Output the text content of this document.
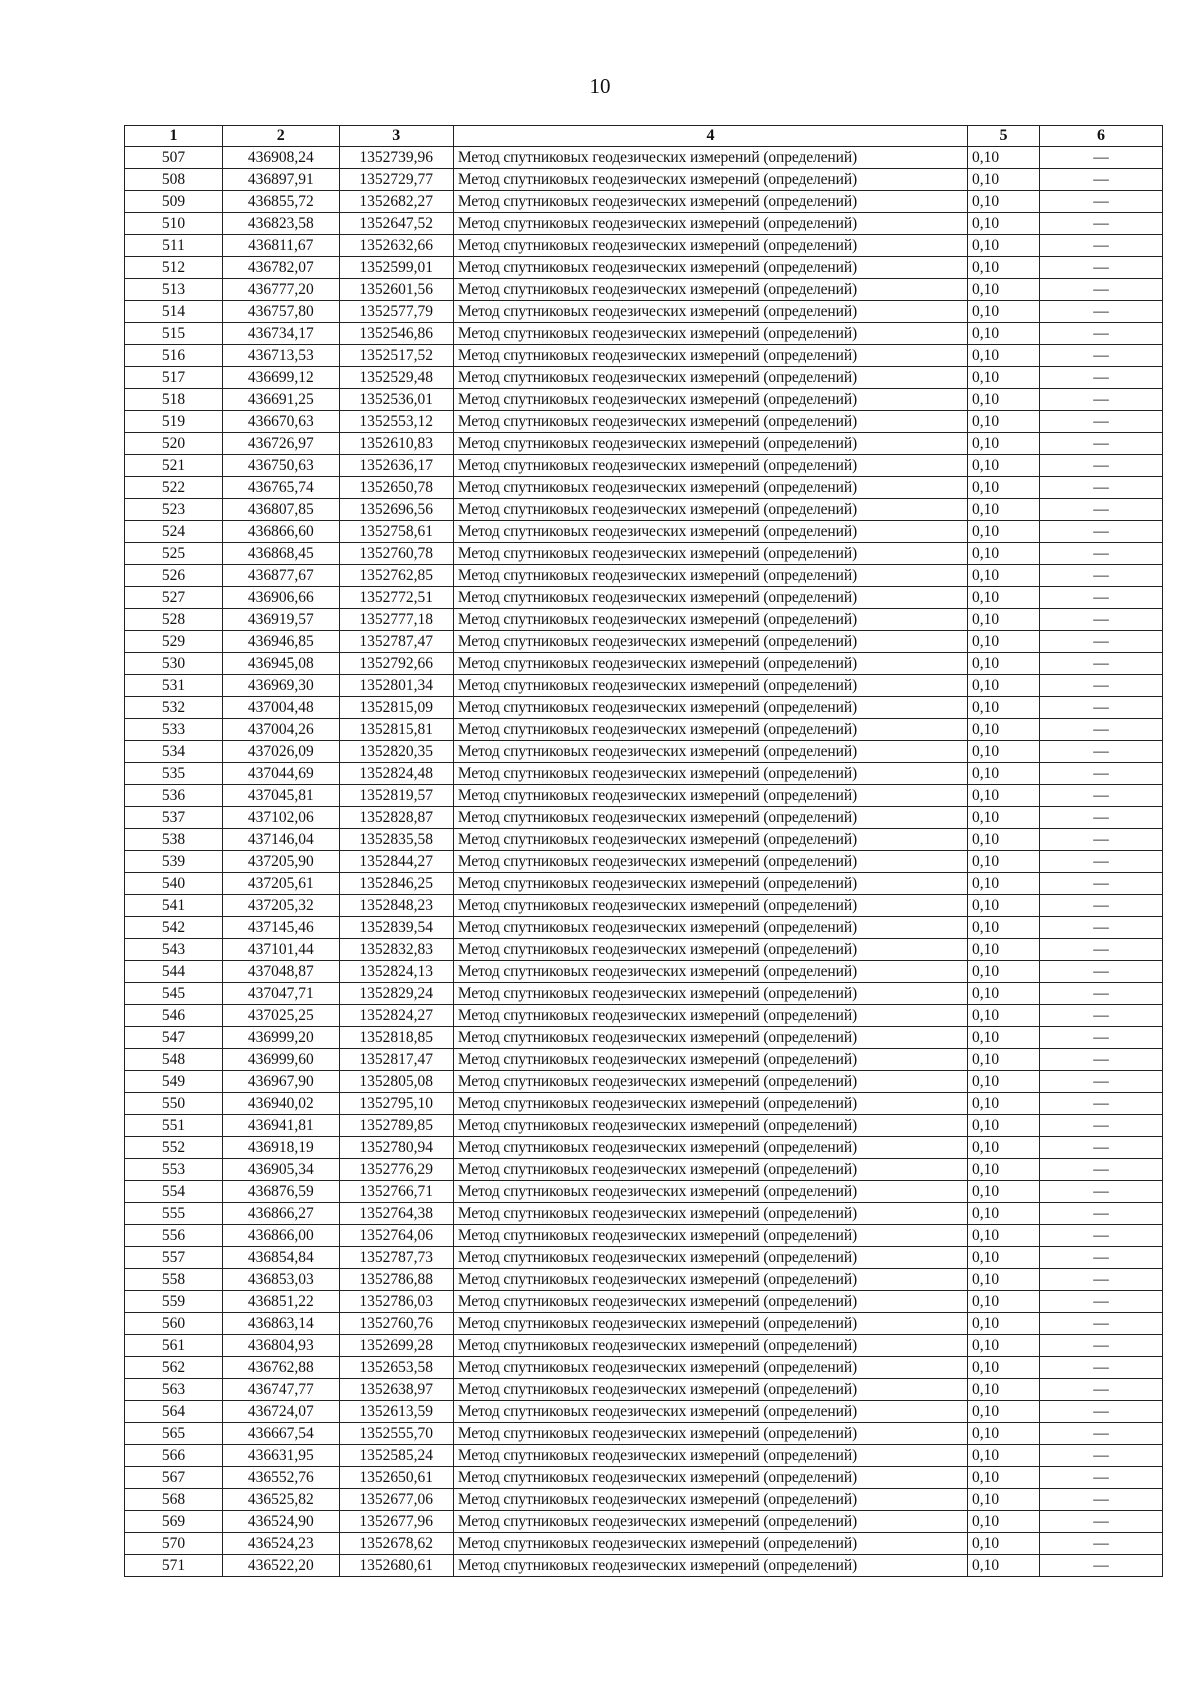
10
1	2	3	4	5	6
507	436908,24	1352739,96	Метод спутниковых геодезических измерений (определений)	0,10	—
508	436897,91	1352729,77	Метод спутниковых геодезических измерений (определений)	0,10	—
509	436855,72	1352682,27	Метод спутниковых геодезических измерений (определений)	0,10	—
510	436823,58	1352647,52	Метод спутниковых геодезических измерений (определений)	0,10	—
511	436811,67	1352632,66	Метод спутниковых геодезических измерений (определений)	0,10	—
512	436782,07	1352599,01	Метод спутниковых геодезических измерений (определений)	0,10	—
513	436777,20	1352601,56	Метод спутниковых геодезических измерений (определений)	0,10	—
514	436757,80	1352577,79	Метод спутниковых геодезических измерений (определений)	0,10	—
515	436734,17	1352546,86	Метод спутниковых геодезических измерений (определений)	0,10	—
516	436713,53	1352517,52	Метод спутниковых геодезических измерений (определений)	0,10	—
517	436699,12	1352529,48	Метод спутниковых геодезических измерений (определений)	0,10	—
518	436691,25	1352536,01	Метод спутниковых геодезических измерений (определений)	0,10	—
519	436670,63	1352553,12	Метод спутниковых геодезических измерений (определений)	0,10	—
520	436726,97	1352610,83	Метод спутниковых геодезических измерений (определений)	0,10	—
521	436750,63	1352636,17	Метод спутниковых геодезических измерений (определений)	0,10	—
522	436765,74	1352650,78	Метод спутниковых геодезических измерений (определений)	0,10	—
523	436807,85	1352696,56	Метод спутниковых геодезических измерений (определений)	0,10	—
524	436866,60	1352758,61	Метод спутниковых геодезических измерений (определений)	0,10	—
525	436868,45	1352760,78	Метод спутниковых геодезических измерений (определений)	0,10	—
526	436877,67	1352762,85	Метод спутниковых геодезических измерений (определений)	0,10	—
527	436906,66	1352772,51	Метод спутниковых геодезических измерений (определений)	0,10	—
528	436919,57	1352777,18	Метод спутниковых геодезических измерений (определений)	0,10	—
529	436946,85	1352787,47	Метод спутниковых геодезических измерений (определений)	0,10	—
530	436945,08	1352792,66	Метод спутниковых геодезических измерений (определений)	0,10	—
531	436969,30	1352801,34	Метод спутниковых геодезических измерений (определений)	0,10	—
532	437004,48	1352815,09	Метод спутниковых геодезических измерений (определений)	0,10	—
533	437004,26	1352815,81	Метод спутниковых геодезических измерений (определений)	0,10	—
534	437026,09	1352820,35	Метод спутниковых геодезических измерений (определений)	0,10	—
535	437044,69	1352824,48	Метод спутниковых геодезических измерений (определений)	0,10	—
536	437045,81	1352819,57	Метод спутниковых геодезических измерений (определений)	0,10	—
537	437102,06	1352828,87	Метод спутниковых геодезических измерений (определений)	0,10	—
538	437146,04	1352835,58	Метод спутниковых геодезических измерений (определений)	0,10	—
539	437205,90	1352844,27	Метод спутниковых геодезических измерений (определений)	0,10	—
540	437205,61	1352846,25	Метод спутниковых геодезических измерений (определений)	0,10	—
541	437205,32	1352848,23	Метод спутниковых геодезических измерений (определений)	0,10	—
542	437145,46	1352839,54	Метод спутниковых геодезических измерений (определений)	0,10	—
543	437101,44	1352832,83	Метод спутниковых геодезических измерений (определений)	0,10	—
544	437048,87	1352824,13	Метод спутниковых геодезических измерений (определений)	0,10	—
545	437047,71	1352829,24	Метод спутниковых геодезических измерений (определений)	0,10	—
546	437025,25	1352824,27	Метод спутниковых геодезических измерений (определений)	0,10	—
547	436999,20	1352818,85	Метод спутниковых геодезических измерений (определений)	0,10	—
548	436999,60	1352817,47	Метод спутниковых геодезических измерений (определений)	0,10	—
549	436967,90	1352805,08	Метод спутниковых геодезических измерений (определений)	0,10	—
550	436940,02	1352795,10	Метод спутниковых геодезических измерений (определений)	0,10	—
551	436941,81	1352789,85	Метод спутниковых геодезических измерений (определений)	0,10	—
552	436918,19	1352780,94	Метод спутниковых геодезических измерений (определений)	0,10	—
553	436905,34	1352776,29	Метод спутниковых геодезических измерений (определений)	0,10	—
554	436876,59	1352766,71	Метод спутниковых геодезических измерений (определений)	0,10	—
555	436866,27	1352764,38	Метод спутниковых геодезических измерений (определений)	0,10	—
556	436866,00	1352764,06	Метод спутниковых геодезических измерений (определений)	0,10	—
557	436854,84	1352787,73	Метод спутниковых геодезических измерений (определений)	0,10	—
558	436853,03	1352786,88	Метод спутниковых геодезических измерений (определений)	0,10	—
559	436851,22	1352786,03	Метод спутниковых геодезических измерений (определений)	0,10	—
560	436863,14	1352760,76	Метод спутниковых геодезических измерений (определений)	0,10	—
561	436804,93	1352699,28	Метод спутниковых геодезических измерений (определений)	0,10	—
562	436762,88	1352653,58	Метод спутниковых геодезических измерений (определений)	0,10	—
563	436747,77	1352638,97	Метод спутниковых геодезических измерений (определений)	0,10	—
564	436724,07	1352613,59	Метод спутниковых геодезических измерений (определений)	0,10	—
565	436667,54	1352555,70	Метод спутниковых геодезических измерений (определений)	0,10	—
566	436631,95	1352585,24	Метод спутниковых геодезических измерений (определений)	0,10	—
567	436552,76	1352650,61	Метод спутниковых геодезических измерений (определений)	0,10	—
568	436525,82	1352677,06	Метод спутниковых геодезических измерений (определений)	0,10	—
569	436524,90	1352677,96	Метод спутниковых геодезических измерений (определений)	0,10	—
570	436524,23	1352678,62	Метод спутниковых геодезических измерений (определений)	0,10	—
571	436522,20	1352680,61	Метод спутниковых геодезических измерений (определений)	0,10	—
